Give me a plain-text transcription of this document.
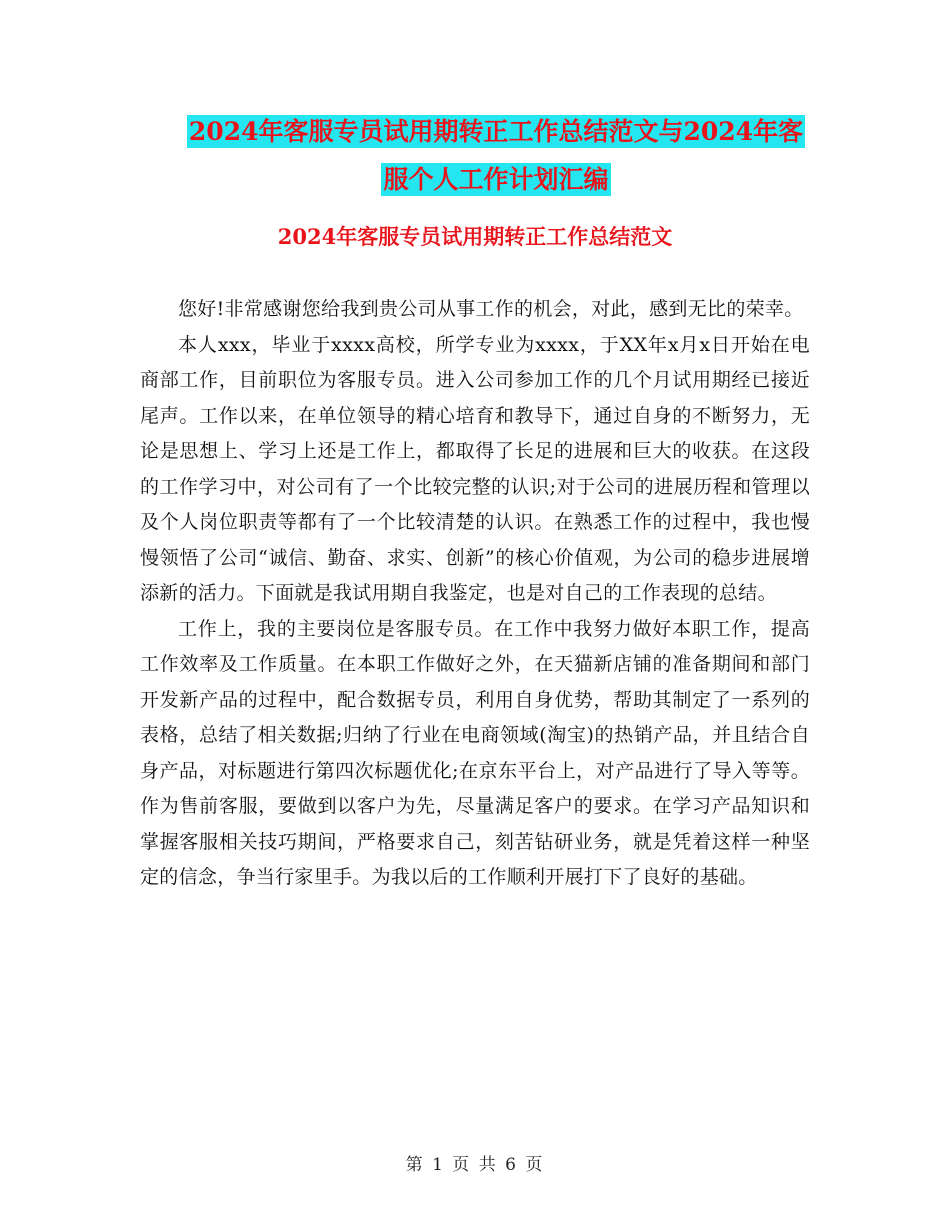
2024年客服专员试用期转正工作总结范文与2024年客
服个人工作计划汇编
2024年客服专员试用期转正工作总结范文

您好!非常感谢您给我到贵公司从事工作的机会，对此，感到无比的荣幸。

本人xxx，毕业于xxxx高校，所学专业为xxxx，于XX年x月x日开始在电商部工作，目前职位为客服专员。进入公司参加工作的几个月试用期经已接近尾声。工作以来，在单位领导的精心培育和教导下，通过自身的不断努力，无论是思想上、学习上还是工作上，都取得了长足的进展和巨大的收获。在这段的工作学习中，对公司有了一个比较完整的认识;对于公司的进展历程和管理以及个人岗位职责等都有了一个比较清楚的认识。在熟悉工作的过程中，我也慢慢领悟了公司“诚信、勤奋、求实、创新”的核心价值观，为公司的稳步进展增添新的活力。下面就是我试用期自我鉴定，也是对自己的工作表现的总结。

工作上，我的主要岗位是客服专员。在工作中我努力做好本职工作，提高工作效率及工作质量。在本职工作做好之外，在天猫新店铺的准备期间和部门开发新产品的过程中，配合数据专员，利用自身优势，帮助其制定了一系列的表格，总结了相关数据;归纳了行业在电商领域(淘宝)的热销产品，并且结合自身产品，对标题进行第四次标题优化;在京东平台上，对产品进行了导入等等。作为售前客服，要做到以客户为先，尽量满足客户的要求。在学习产品知识和掌握客服相关技巧期间，严格要求自己，刻苦钻研业务，就是凭着这样一种坚定的信念，争当行家里手。为我以后的工作顺利开展打下了良好的基础。

第 1 页 共 6 页
